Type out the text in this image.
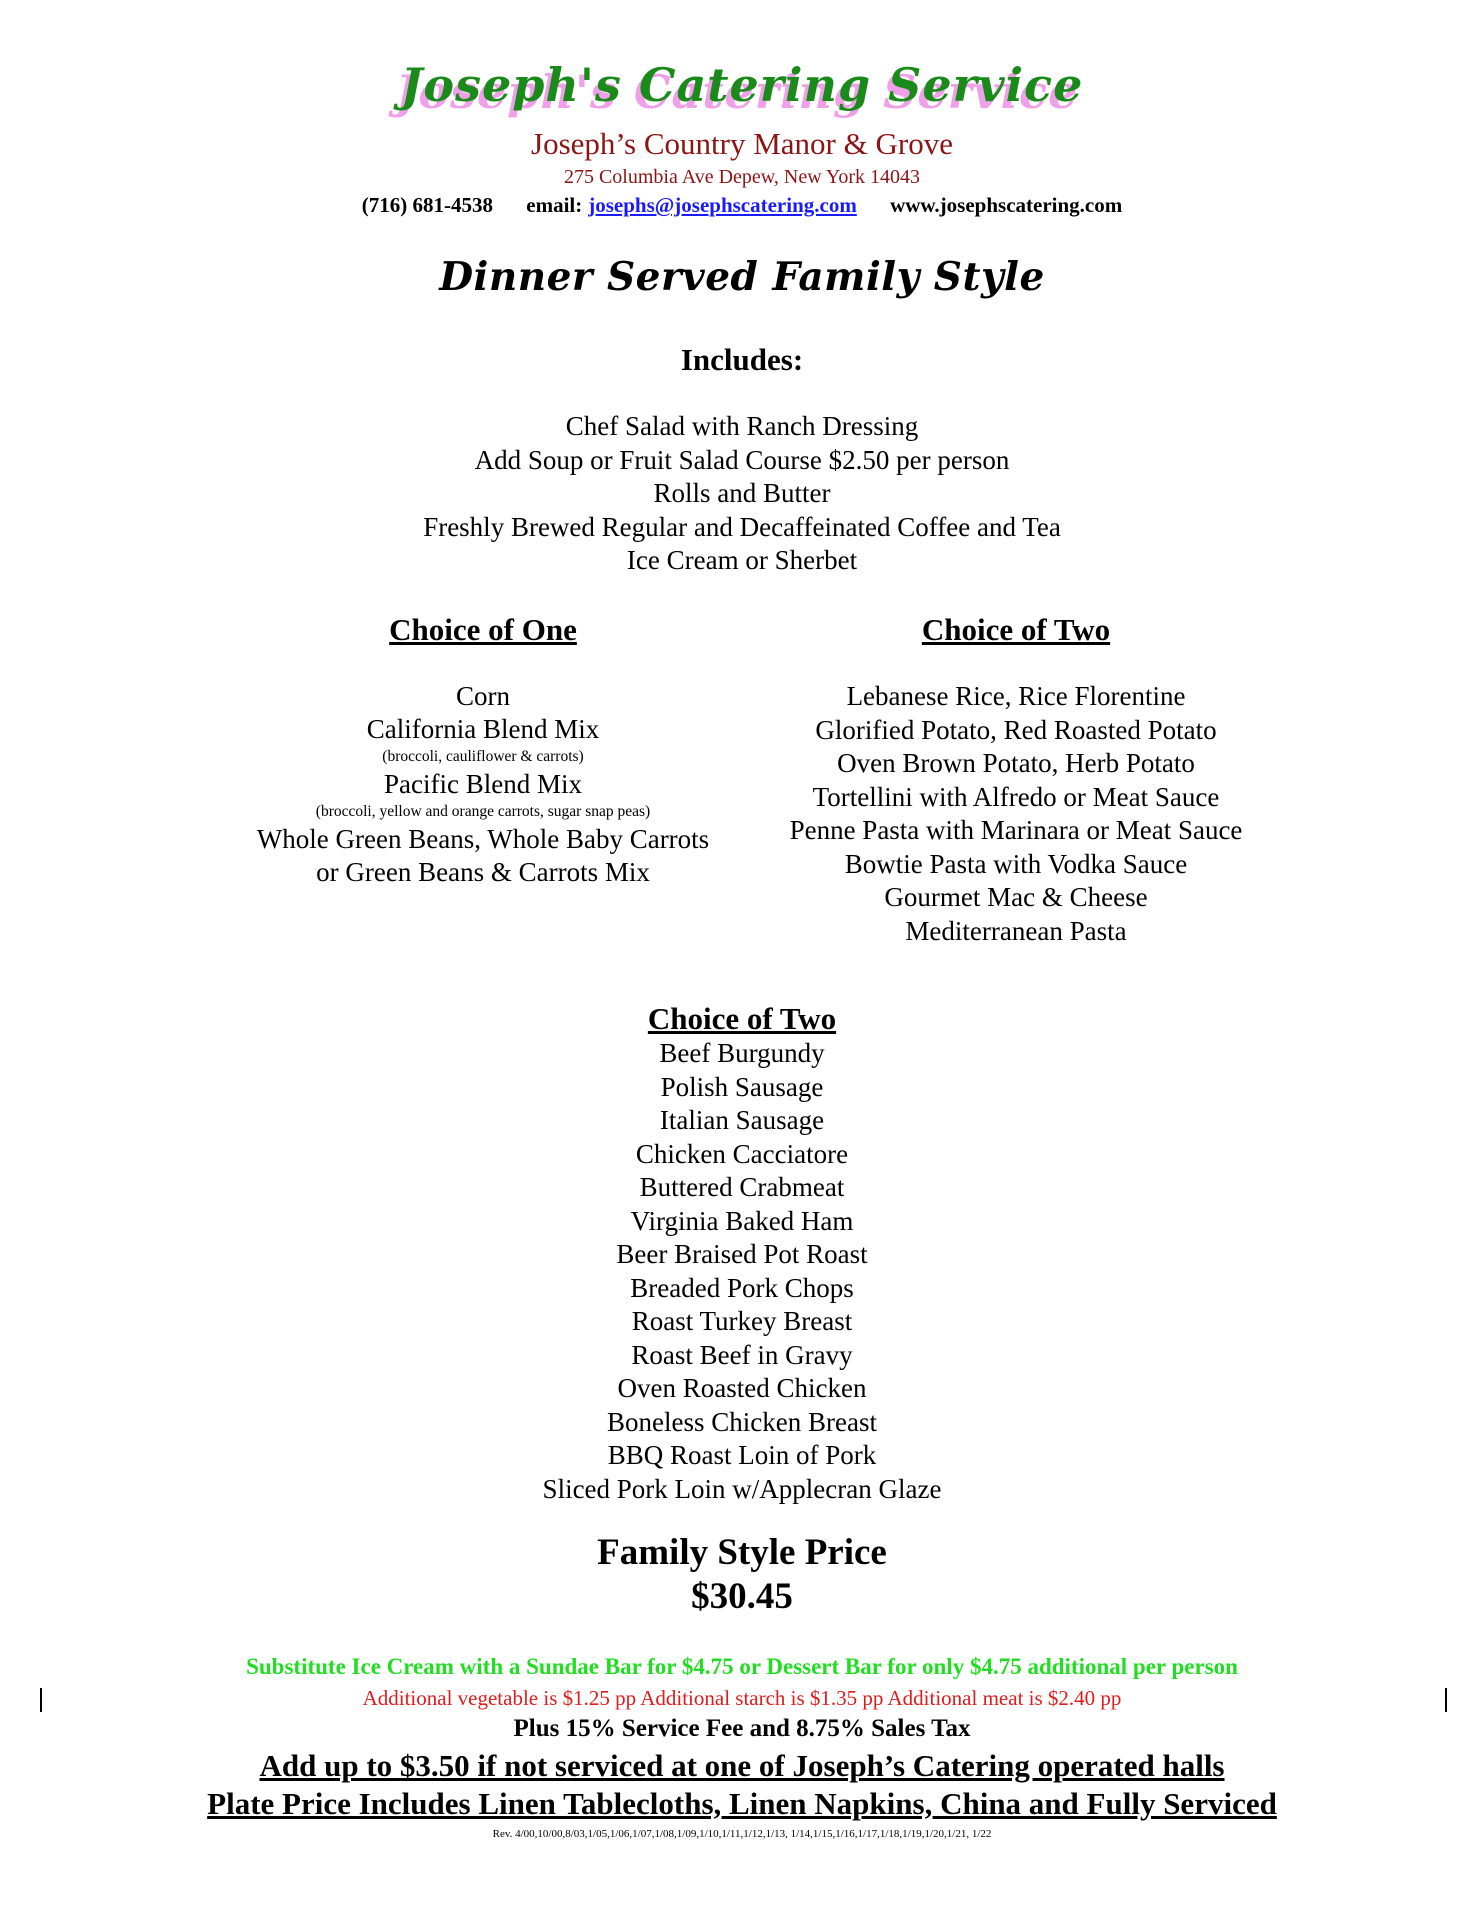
Joseph's Catering Service
Joseph’s Country Manor & Grove
275 Columbia Ave Depew, New York 14043
(716) 681-4538 email: josephs@josephscatering.com www.josephscatering.com
Dinner Served Family Style
Includes:
Chef Salad with Ranch Dressing
Add Soup or Fruit Salad Course $2.50 per person
Rolls and Butter
Freshly Brewed Regular and Decaffeinated Coffee and Tea
Ice Cream or Sherbet
Choice of One
Corn
California Blend Mix
(broccoli, cauliflower & carrots)
Pacific Blend Mix
(broccoli, yellow and orange carrots, sugar snap peas)
Whole Green Beans, Whole Baby Carrots
or Green Beans & Carrots Mix
Choice of Two
Lebanese Rice, Rice Florentine
Glorified Potato, Red Roasted Potato
Oven Brown Potato, Herb Potato
Tortellini with Alfredo or Meat Sauce
Penne Pasta with Marinara or Meat Sauce
Bowtie Pasta with Vodka Sauce
Gourmet Mac & Cheese
Mediterranean Pasta
Choice of Two
Beef Burgundy
Polish Sausage
Italian Sausage
Chicken Cacciatore
Buttered Crabmeat
Virginia Baked Ham
Beer Braised Pot Roast
Breaded Pork Chops
Roast Turkey Breast
Roast Beef in Gravy
Oven Roasted Chicken
Boneless Chicken Breast
BBQ Roast Loin of Pork
Sliced Pork Loin w/Applecran Glaze
Family Style Price
$30.45
Substitute Ice Cream with a Sundae Bar for $4.75 or Dessert Bar for only $4.75 additional per person
Additional vegetable is $1.25 pp Additional starch is $1.35 pp Additional meat is $2.40 pp
Plus 15% Service Fee and 8.75% Sales Tax
Add up to $3.50 if not serviced at one of Joseph’s Catering operated halls
Plate Price Includes Linen Tablecloths, Linen Napkins, China and Fully Serviced
Rev. 4/00,10/00,8/03,1/05,1/06,1/07,1/08,1/09,1/10,1/11,1/12,1/13, 1/14,1/15,1/16,1/17,1/18,1/19,1/20,1/21, 1/22
